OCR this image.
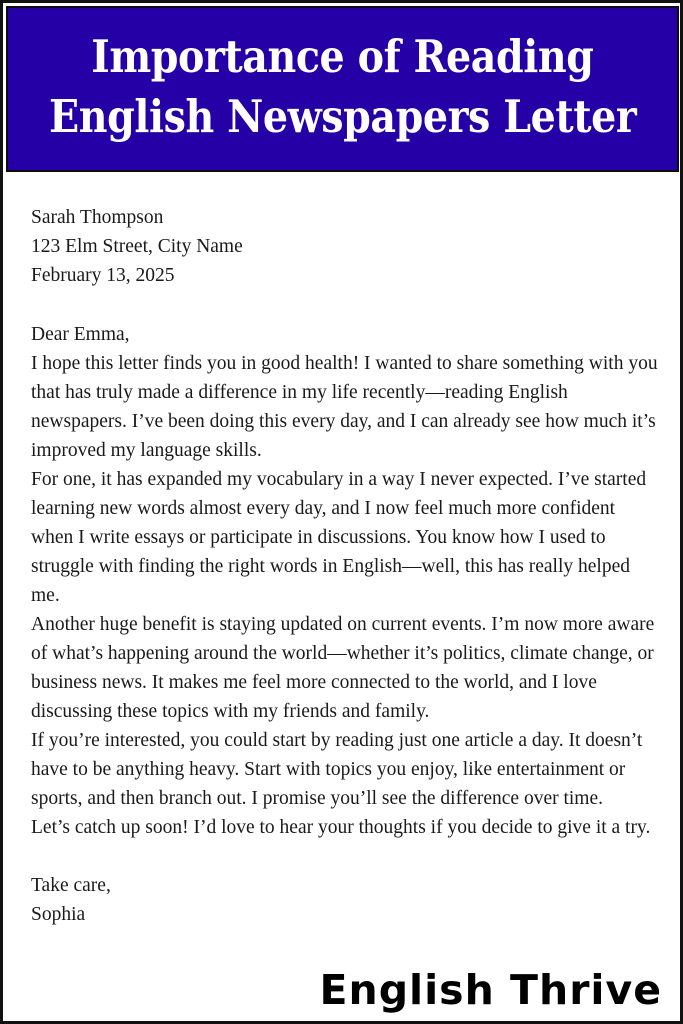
Importance of Reading
English Newspapers Letter
Sarah Thompson
123 Elm Street, City Name
February 13, 2025
Dear Emma,

I hope this letter finds you in good health! I wanted to share something with you that has truly made a difference in my life recently—reading English newspapers. I’ve been doing this every day, and I can already see how much it’s improved my language skills.

For one, it has expanded my vocabulary in a way I never expected. I’ve started learning new words almost every day, and I now feel much more confident when I write essays or participate in discussions. You know how I used to struggle with finding the right words in English—well, this has really helped me.

Another huge benefit is staying updated on current events. I’m now more aware of what’s happening around the world—whether it’s politics, climate change, or business news. It makes me feel more connected to the world, and I love discussing these topics with my friends and family.

If you’re interested, you could start by reading just one article a day. It doesn’t have to be anything heavy. Start with topics you enjoy, like entertainment or sports, and then branch out. I promise you’ll see the difference over time.

Let’s catch up soon! I’d love to hear your thoughts if you decide to give it a try.

Take care,
Sophia
English Thrive
